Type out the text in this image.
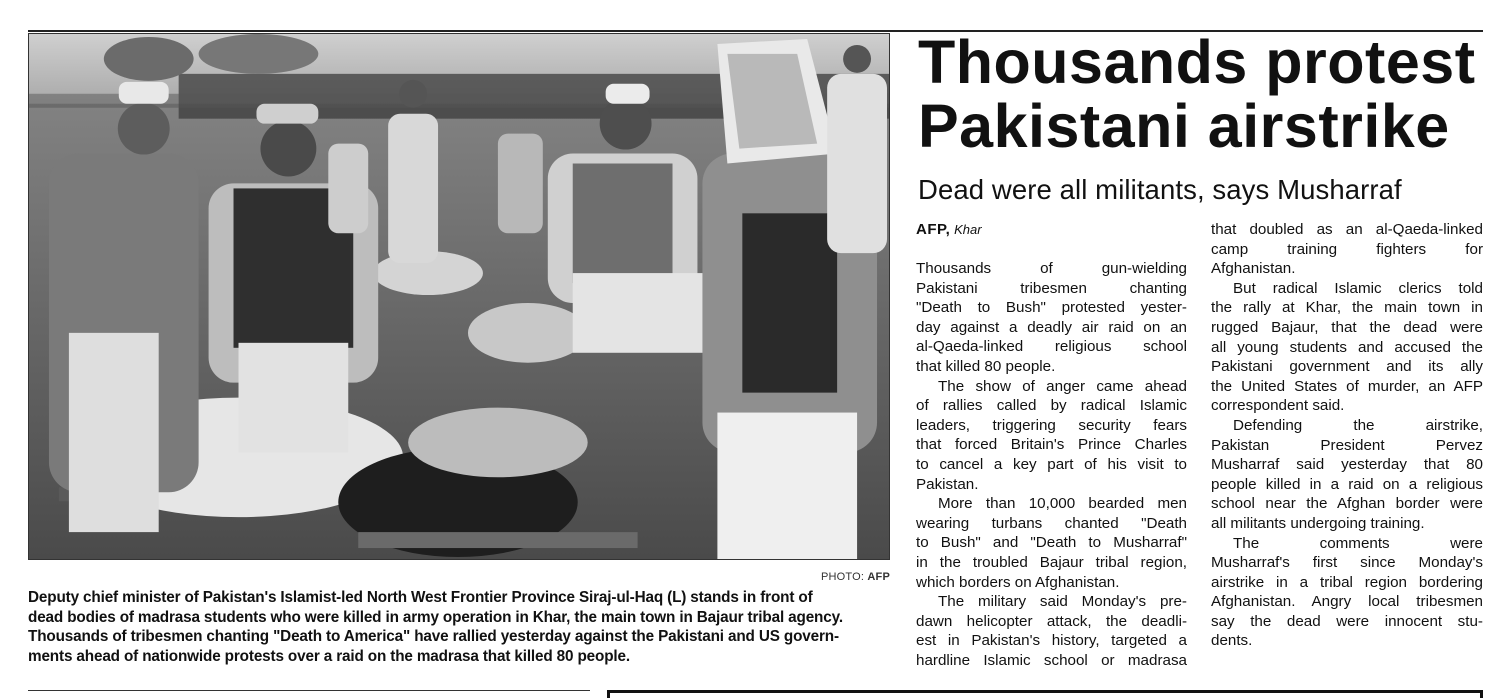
PHOTO: AFP
Deputy chief minister of Pakistan's Islamist-led North West Frontier Province Siraj-ul-Haq (L) stands in front of
dead bodies of madrasa students who were killed in army operation in Khar, the main town in Bajaur tribal agency.
Thousands of tribesmen chanting "Death to America" have rallied yesterday against the Pakistani and US govern-
ments ahead of nationwide protests over a raid on the madrasa that killed 80 people.
Thousands protest
Pakistani airstrike
Dead were all militants, says Musharraf
AFP, Khar
Thousands of gun-wielding
Pakistani tribesmen chanting
"Death to Bush" protested yester-
day against a deadly air raid on an
al-Qaeda-linked religious school
that killed 80 people.
The show of anger came ahead
of rallies called by radical Islamic
leaders, triggering security fears
that forced Britain's Prince Charles
to cancel a key part of his visit to
Pakistan.
More than 10,000 bearded men
wearing turbans chanted "Death
to Bush" and "Death to Musharraf"
in the troubled Bajaur tribal region,
which borders on Afghanistan.
The military said Monday's pre-
dawn helicopter attack, the deadli-
est in Pakistan's history, targeted a
hardline Islamic school or madrasa
that doubled as an al-Qaeda-linked
camp training fighters for
Afghanistan.
But radical Islamic clerics told
the rally at Khar, the main town in
rugged Bajaur, that the dead were
all young students and accused the
Pakistani government and its ally
the United States of murder, an AFP
correspondent said.
Defending the airstrike,
Pakistan President Pervez
Musharraf said yesterday that 80
people killed in a raid on a religious
school near the Afghan border were
all militants undergoing training.
The comments were
Musharraf's first since Monday's
airstrike in a tribal region bordering
Afghanistan. Angry local tribesmen
say the dead were innocent stu-
dents.
